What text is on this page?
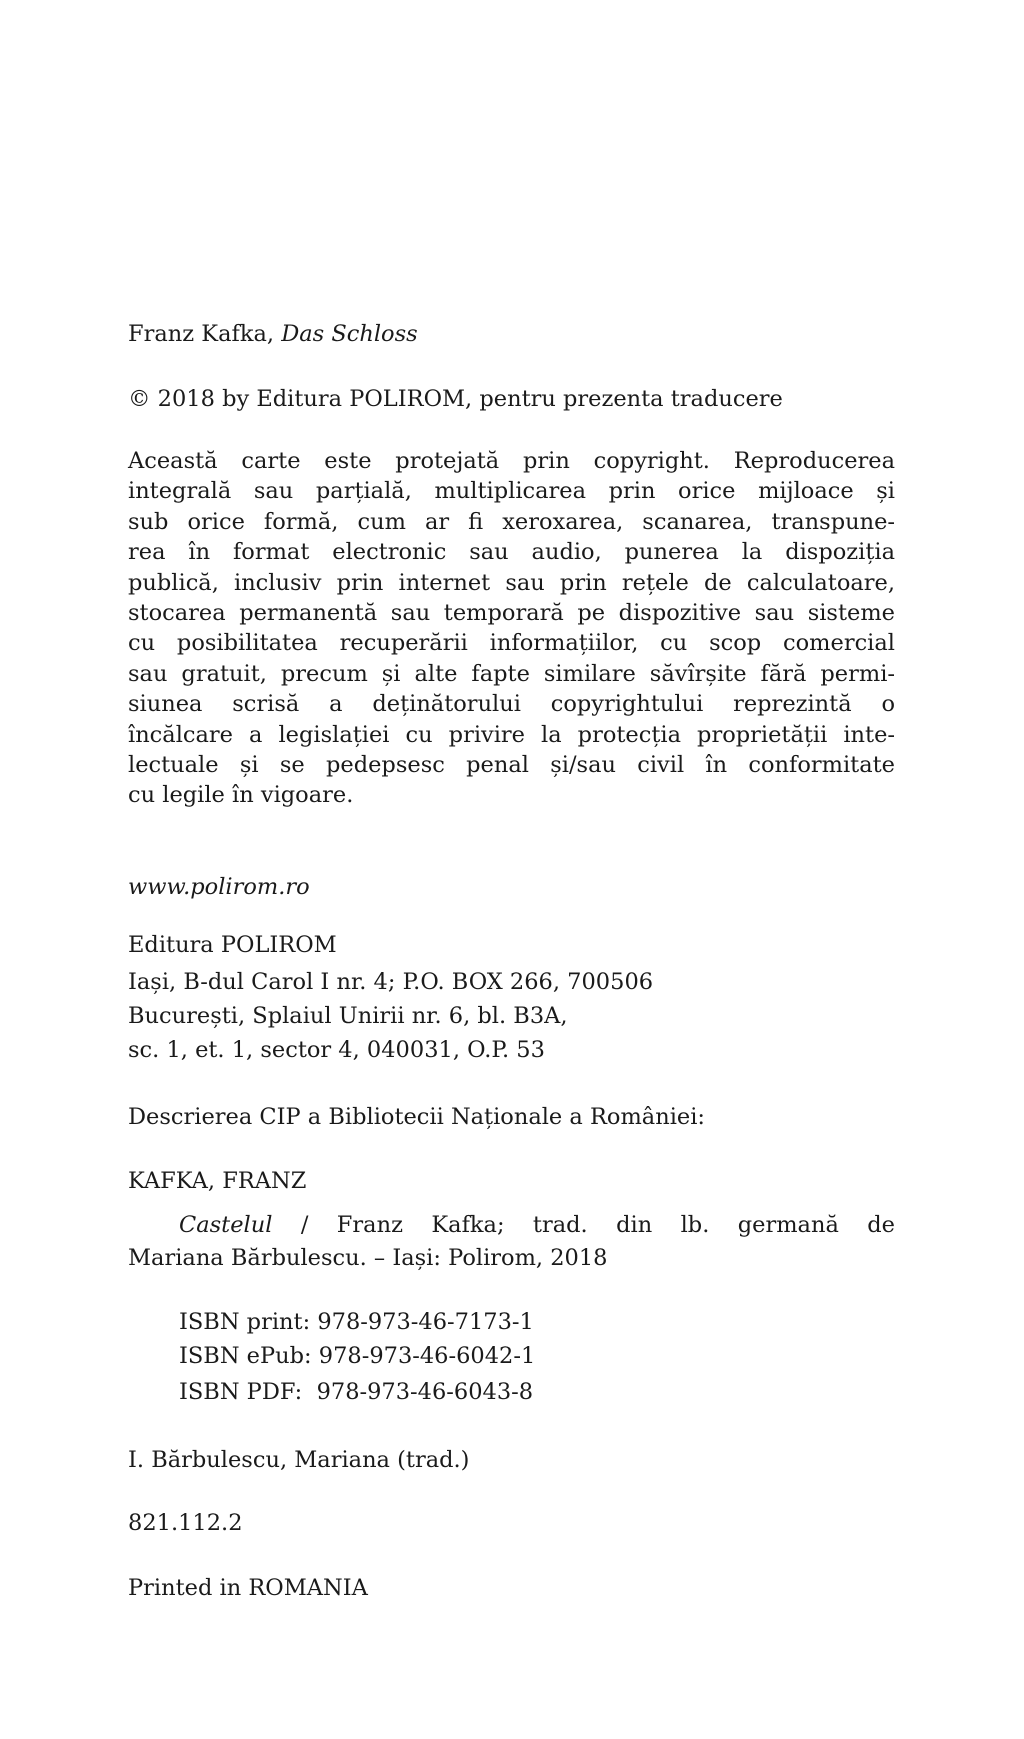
Franz Kafka, Das Schloss
© 2018 by Editura POLIROM, pentru prezenta traducere
Această carte este protejată prin copyright. Reproducerea
integrală sau parțială, multiplicarea prin orice mijloace și
sub orice formă, cum ar fi xeroxarea, scanarea, transpune-
rea în format electronic sau audio, punerea la dispoziția
publică, inclusiv prin internet sau prin rețele de calculatoare,
stocarea permanentă sau temporară pe dispozitive sau sisteme
cu posibilitatea recuperării informațiilor, cu scop comercial
sau gratuit, precum și alte fapte similare săvîrșite fără permi-
siunea scrisă a deținătorului copyrightului reprezintă o
încălcare a legislației cu privire la protecția proprietății inte-
lectuale și se pedepsesc penal și/sau civil în conformitate
cu legile în vigoare.
www.polirom.ro
Editura POLIROM
Iași, B-dul Carol I nr. 4; P.O. BOX 266, 700506
București, Splaiul Unirii nr. 6, bl. B3A,
sc. 1, et. 1, sector 4, 040031, O.P. 53
Descrierea CIP a Bibliotecii Naționale a României:
KAFKA, FRANZ
Castelul / Franz Kafka; trad. din lb. germană de
Mariana Bărbulescu. – Iași: Polirom, 2018
ISBN print: 978-973-46-7173-1
ISBN ePub: 978-973-46-6042-1
ISBN PDF: 978-973-46-6043-8
I. Bărbulescu, Mariana (trad.)
821.112.2
Printed in ROMANIA
